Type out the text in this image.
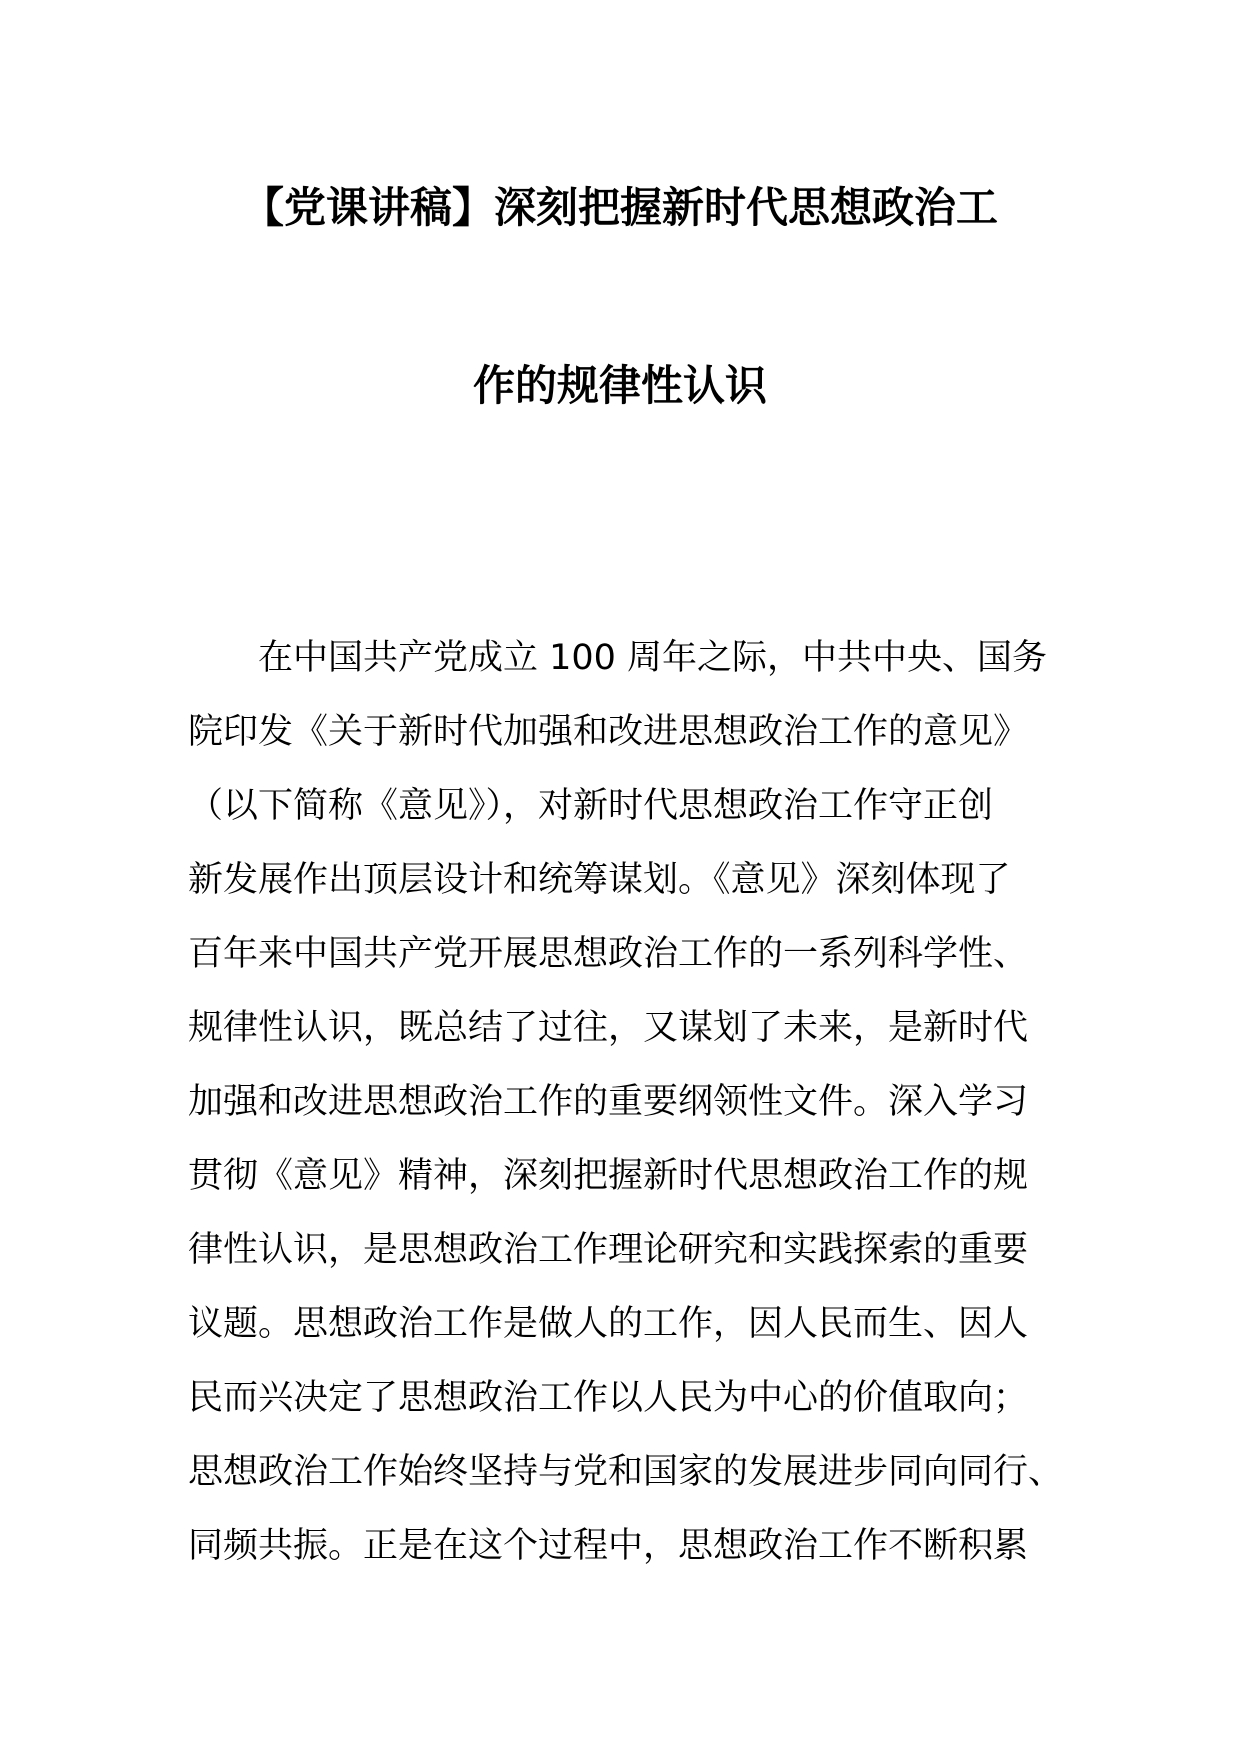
【党课讲稿】深刻把握新时代思想政治工
作的规律性认识
在中国共产党成立 100 周年之际，中共中央、国务
院印发《关于新时代加强和改进思想政治工作的意见》
（以下简称《意见》），对新时代思想政治工作守正创
新发展作出顶层设计和统筹谋划。《意见》深刻体现了
百年来中国共产党开展思想政治工作的一系列科学性、
规律性认识，既总结了过往，又谋划了未来，是新时代
加强和改进思想政治工作的重要纲领性文件。深入学习
贯彻《意见》精神，深刻把握新时代思想政治工作的规
律性认识，是思想政治工作理论研究和实践探索的重要
议题。思想政治工作是做人的工作，因人民而生、因人
民而兴决定了思想政治工作以人民为中心的价值取向；
思想政治工作始终坚持与党和国家的发展进步同向同行、
同频共振。正是在这个过程中，思想政治工作不断积累
